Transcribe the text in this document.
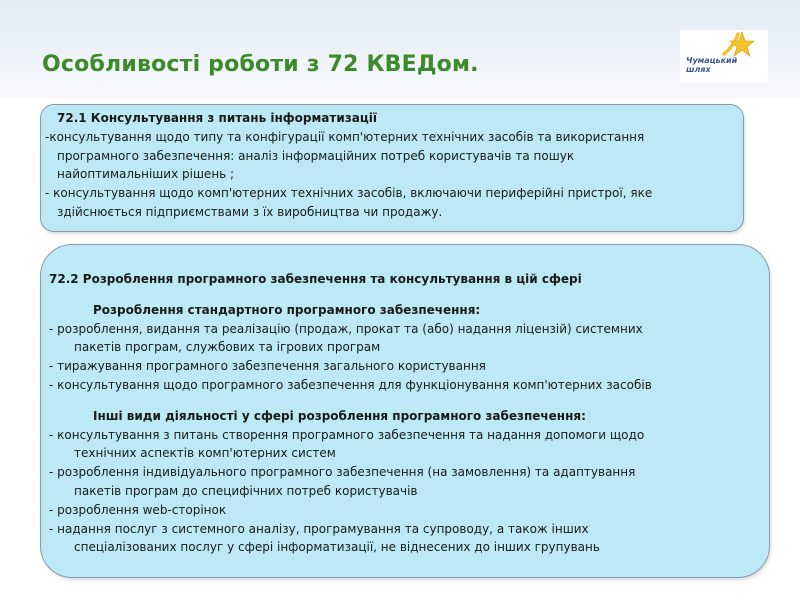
Особливості роботи з 72 КВЕДом.	Чумацький
шлях

72.1 Консультування з питань інформатизації

-консультування щодо типу та конфігурації комп'ютерних технічних засобів та використання

програмного забезпечення: аналіз інформаційних потреб користувачів та пошук

найоптимальніших рішень ;

- консультування щодо комп'ютерних технічних засобів, включаючи периферійні пристрої, яке

здійснюється підприємствами з їх виробництва чи продажу.

72.2 Розроблення програмного забезпечення та консультування в цій сфері

Розроблення стандартного програмного забезпечення:

- розроблення, видання та реалізацію (продаж, прокат та (або) надання ліцензій) системних

пакетів програм, службових та ігрових програм

- тиражування програмного забезпечення загального користування

- консультування щодо програмного забезпечення для функціонування комп'ютерних засобів

Інші види діяльності у сфері розроблення програмного забезпечення:

- консультування з питань створення програмного забезпечення та надання допомоги щодо

технічних аспектів комп'ютерних систем

- розроблення індивідуального програмного забезпечення (на замовлення) та адаптування

пакетів програм до специфічних потреб користувачів

- розроблення web-сторінок

- надання послуг з системного аналізу, програмування та супроводу, а також інших

спеціалізованих послуг у сфері інформатизації, не віднесених до інших групувань
